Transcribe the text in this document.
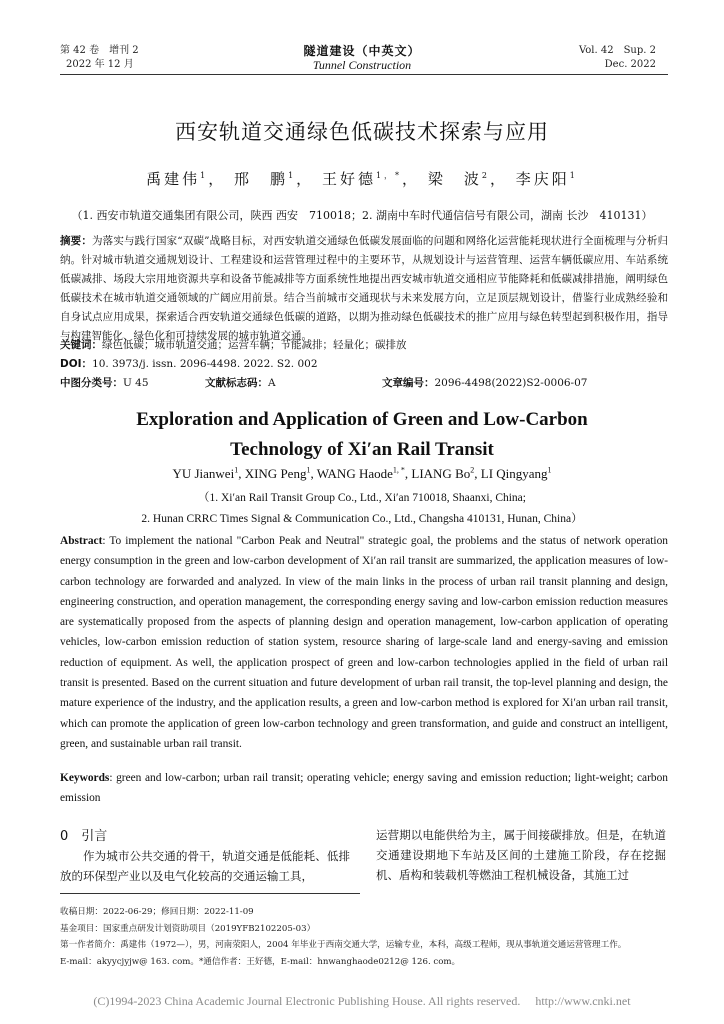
第 42 卷　增刊 2
2022 年 12 月
隧道建设（中英文）
Tunnel Construction
Vol. 42　Sup. 2
Dec. 2022
西安轨道交通绿色低碳技术探索与应用
禹建伟$^1$， 邢　鹏$^1$， 王好德$^{1,*}$， 梁　波$^2$， 李庆阳$^1$
（1. 西安市轨道交通集团有限公司，陕西 西安　710018；2. 湖南中车时代通信信号有限公司，湖南 长沙　410131）
摘要：为落实与践行国家“双碳”战略目标，对西安轨道交通绿色低碳发展面临的问题和网络化运营能耗现状进行全面梳理与分析归纳。针对城市轨道交通规划设计、工程建设和运营管理过程中的主要环节，从规划设计与运营管理、运营车辆低碳应用、车站系统低碳减排、场段大宗用地资源共享和设备节能减排等方面系统性地提出西安城市轨道交通相应节能降耗和低碳减排措施，阐明绿色低碳技术在城市轨道交通领域的广阔应用前景。结合当前城市交通现状与未来发展方向，立足顶层规划设计，借鉴行业成熟经验和自身试点应用成果，探索适合西安轨道交通绿色低碳的道路，以期为推动绿色低碳技术的推广应用与绿色转型起到积极作用，指导与构建智能化、绿色化和可持续发展的城市轨道交通。
关键词：绿色低碳；城市轨道交通；运营车辆；节能减排；轻量化；碳排放
DOI：10. 3973/j. issn. 2096-4498. 2022. S2. 002
中图分类号：U 45	文献标志码：A	文章编号：2096-4498(2022)S2-0006-07
Exploration and Application of Green and Low-Carbon
Technology of Xi′an Rail Transit
YU Jianwei$^1$, XING Peng$^1$, WANG Haode$^{1, *}$, LIANG Bo$^2$, LI Qingyang$^1$
（1. Xi′an Rail Transit Group Co., Ltd., Xi′an 710018, Shaanxi, China;
2. Hunan CRRC Times Signal & Communication Co., Ltd., Changsha 410131, Hunan, China）
Abstract: To implement the national "Carbon Peak and Neutral" strategic goal, the problems and the status of network operation energy consumption in the green and low-carbon development of Xi′an rail transit are summarized, the application measures of low-carbon technology are forwarded and analyzed. In view of the main links in the process of urban rail transit planning and design, engineering construction, and operation management, the corresponding energy saving and low-carbon emission reduction measures are systematically proposed from the aspects of planning design and operation management, low-carbon application of operating vehicles, low-carbon emission reduction of station system, resource sharing of large-scale land and energy-saving and emission reduction of equipment. As well, the application prospect of green and low-carbon technologies applied in the field of urban rail transit is presented. Based on the current situation and future development of urban rail transit, the top-level planning and design, the mature experience of the industry, and the application results, a green and low-carbon method is explored for Xi′an urban rail transit, which can promote the application of green low-carbon technology and green transformation, and guide and construct an intelligent, green, and sustainable urban rail transit.
Keywords: green and low-carbon; urban rail transit; operating vehicle; energy saving and emission reduction; light-weight; carbon emission
0　 引言
作为城市公共交通的骨干，轨道交通是低能耗、低排放的环保型产业以及电气化较高的交通运输工具，
运营期以电能供给为主，属于间接碳排放。但是，在轨道交通建设期地下车站及区间的土建施工阶段，存在挖掘机、盾构和装载机等燃油工程机械设备，其施工过
收稿日期：2022-06-29；修回日期：2022-11-09
基金项目：国家重点研发计划资助项目（2019YFB2102205-03）
第一作者简介：禹建伟（1972—），男，河南荥阳人，2004 年毕业于西南交通大学，运输专业，本科，高级工程师，现从事轨道交通运营管理工作。
E-mail：akyycjyjw@ 163. com。*通信作者：王好德，E-mail：hnwanghaode0212@ 126. com。
(C)1994-2023 China Academic Journal Electronic Publishing House. All rights reserved.　 http://www.cnki.net
